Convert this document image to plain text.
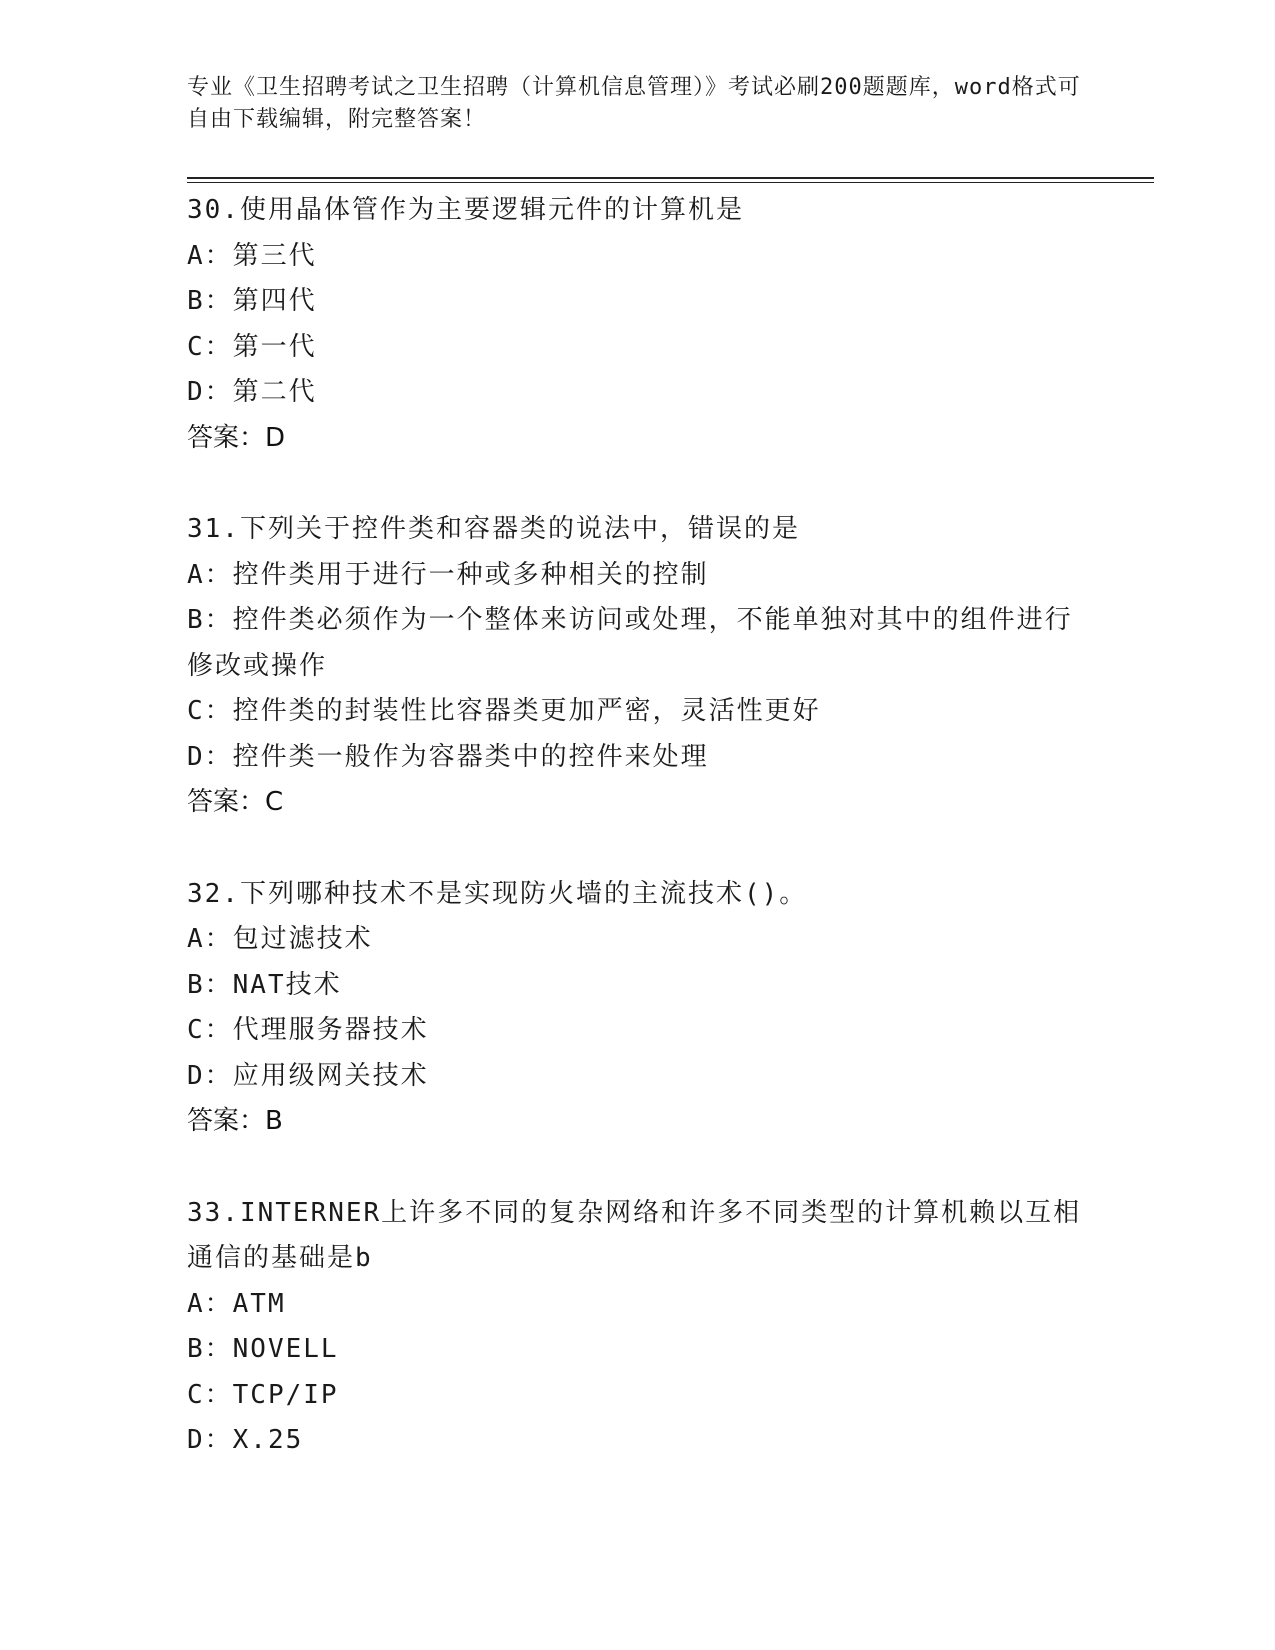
专业《卫生招聘考试之卫生招聘（计算机信息管理）》考试必刷200题题库，word格式可自由下载编辑，附完整答案！
30.使用晶体管作为主要逻辑元件的计算机是
A：第三代
B：第四代
C：第一代
D：第二代
答案：D
31.下列关于控件类和容器类的说法中，错误的是
A：控件类用于进行一种或多种相关的控制
B：控件类必须作为一个整体来访问或处理，不能单独对其中的组件进行修改或操作
C：控件类的封装性比容器类更加严密，灵活性更好
D：控件类一般作为容器类中的控件来处理
答案：C
32.下列哪种技术不是实现防火墙的主流技术()。
A：包过滤技术
B：NAT技术
C：代理服务器技术
D：应用级网关技术
答案：B
33.INTERNER上许多不同的复杂网络和许多不同类型的计算机赖以互相通信的基础是b
A：ATM
B：NOVELL
C：TCP/IP
D：X.25
